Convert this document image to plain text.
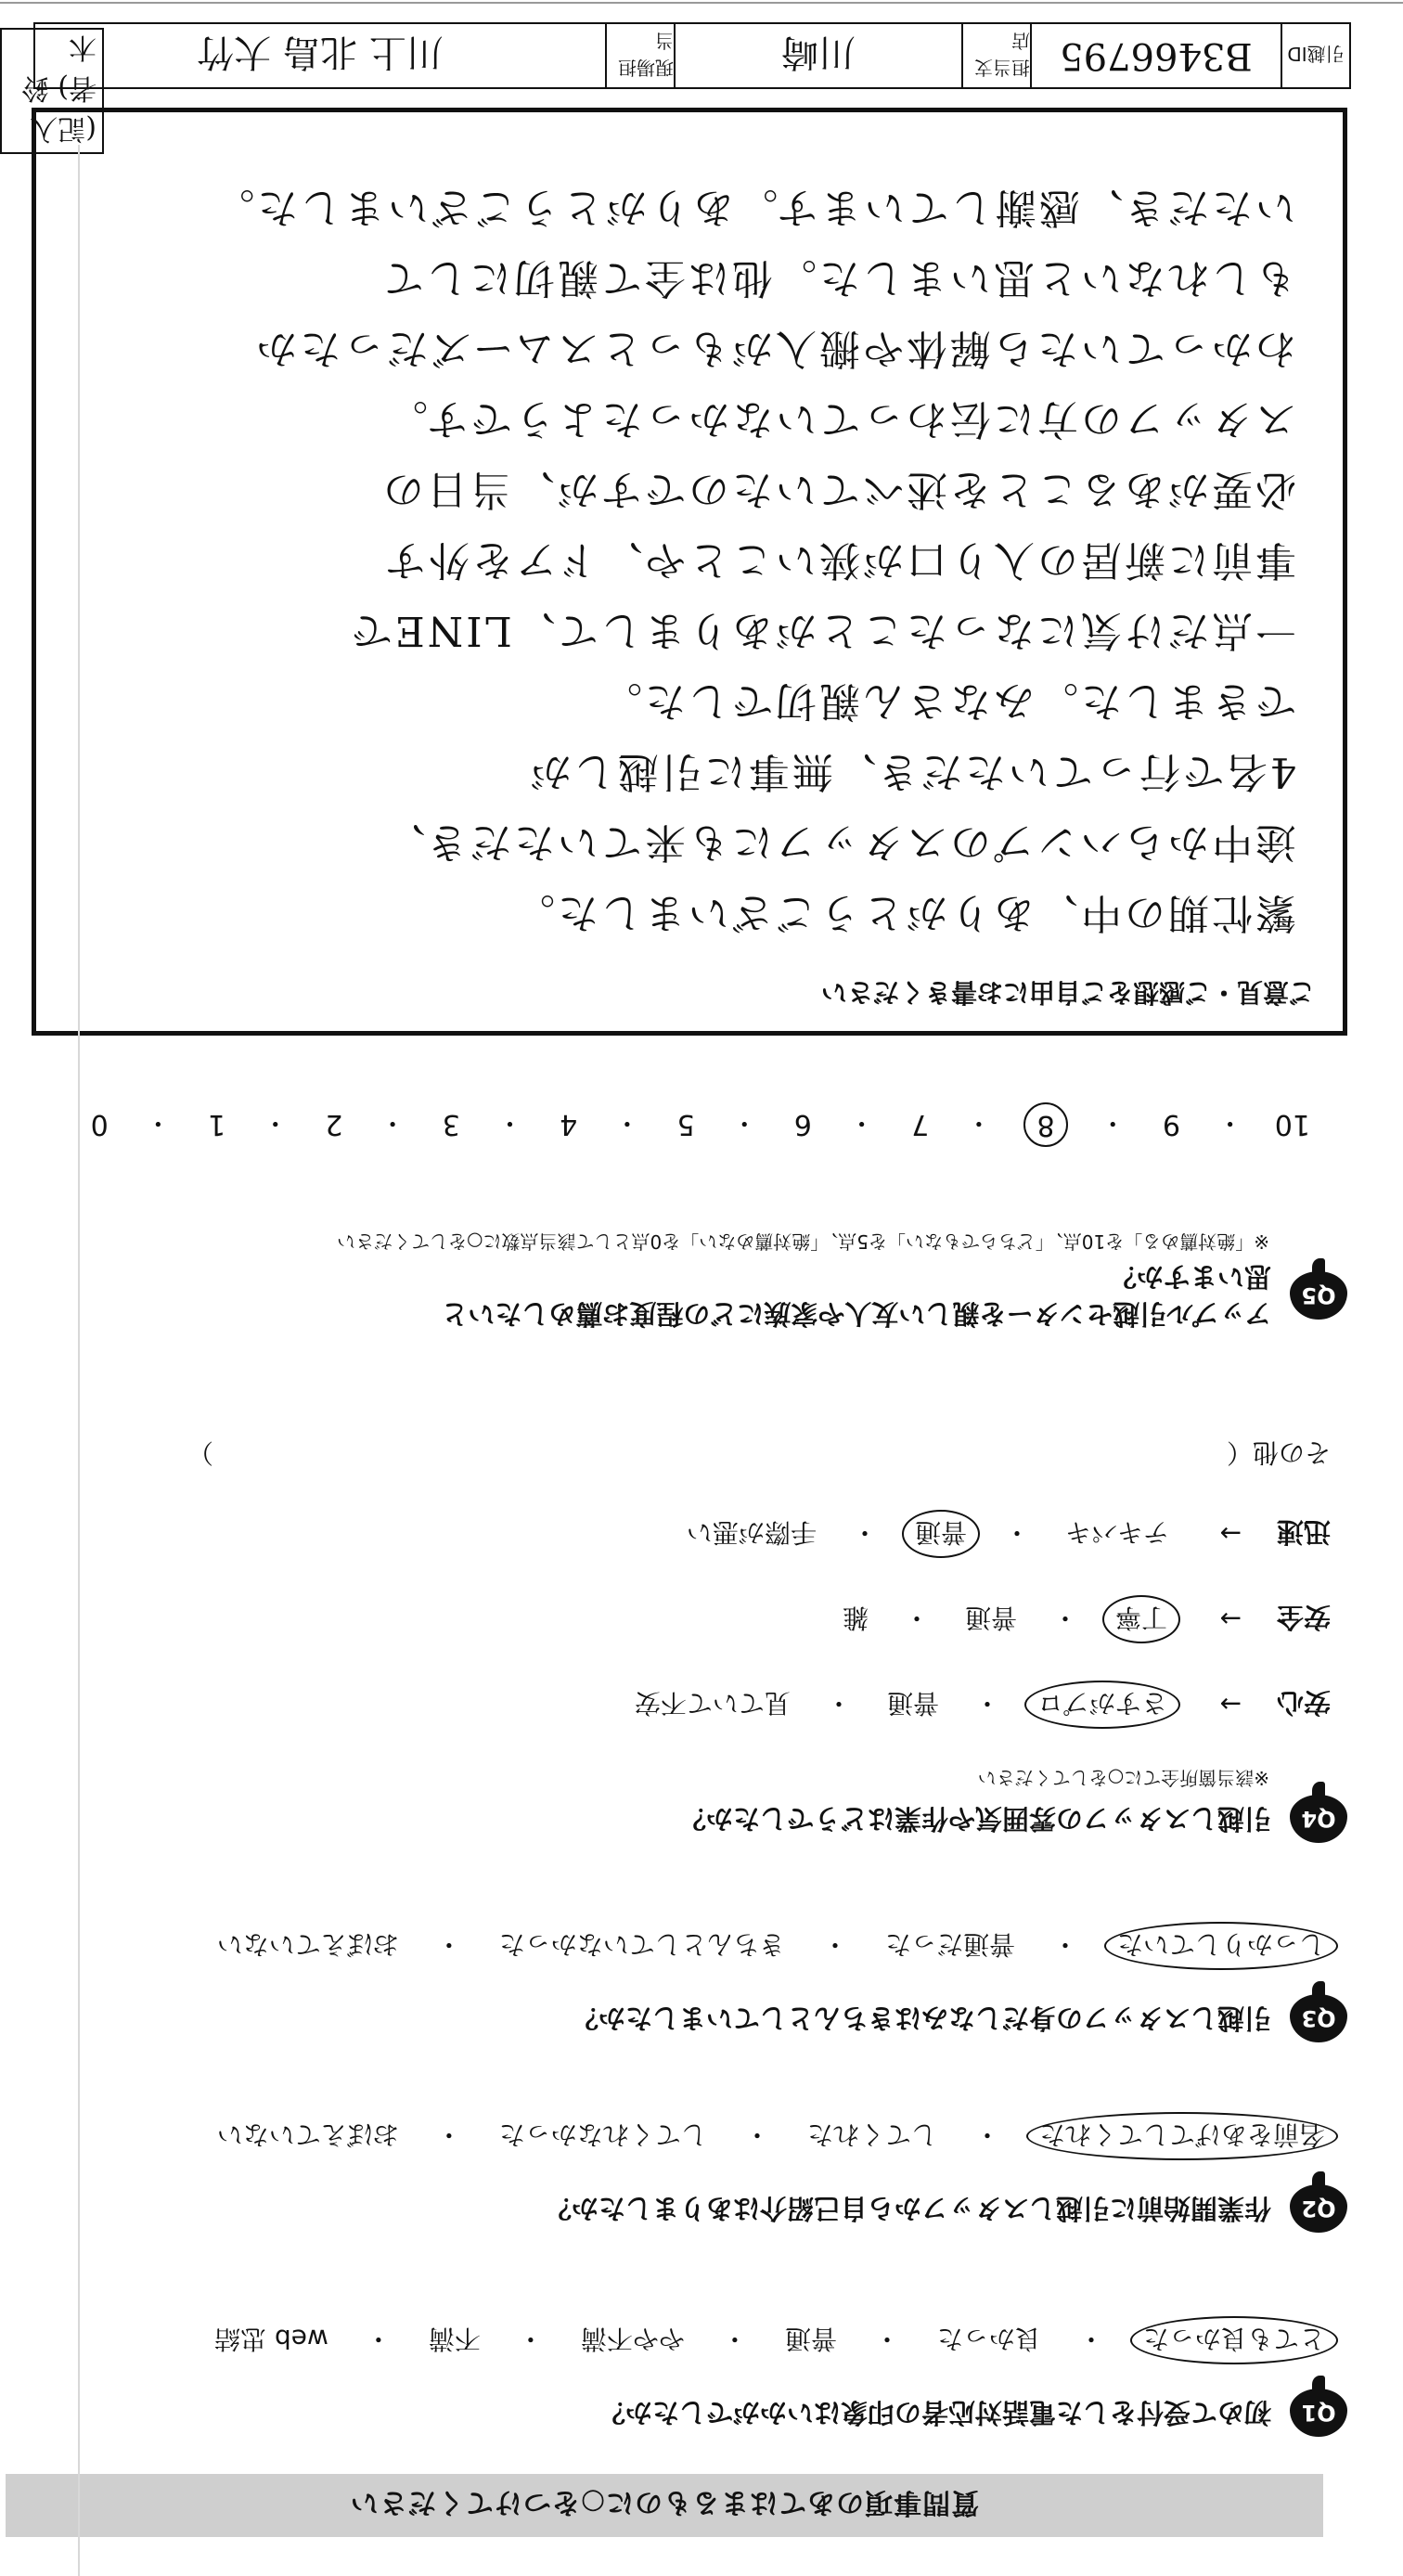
質問事項のあてはまるものに○をつけてください
Q1
初めて受付をした電話対応者の印象はいかがでしたか？
とても良かった
・
良かった
・
普通
・
やや不満
・
不満
・
web 忠結
Q2
作業開始前に引越しスタッフから自己紹介はありましたか？
名前をあげてしてくれた
・
してくれた
・
してくれなかった
・
おぼえていない
Q3
引越しスタッフの身だしなみはきちんとしていましたか？
しっかりしていた
・
普通だった
・
きちんとしていなかった
・
おぼえていない
Q4
引越しスタッフの雰囲気や作業はどうでしたか？
※該当箇所全てに○をしてください
安心
→
さすがプロ
・
普通
・
見ていて不安
安全
→
丁寧
・
普通
・
雑
迅速
→
テキパキ
・
普通
・
手際が悪い
その他（
）
Q5
アップル引越センターを親しい友人や家族にどの程度お薦めしたいと思いますか？
※「絶対薦める」を10点、「どちらでもない」を5点、「絶対薦めない」を0点として該当点数に○をしてください
10
・
9
・
8
・
7
・
6
・
5
・
4
・
3
・
2
・
1
・
0
ご意見・ご感想をご自由にお書きください

繁忙期の中、ありがとうございました。

途中からハンプのスタッフにも来ていただき、

4名で行っていただき、無事に引越しが

できました。みなさん親切でした。

一点だけ気になったことがありまして、LINEで

事前に新居の入り口が狭いことや、ドアを外す

必要があることを述べていたのですが、当日の

スタッフの方に伝わっていなかったようです。

わかっていたら解体や搬入がもっとスムーズだったか

もしれないと思いました。他は全て親切にして

いただき、感謝しています。ありがとうございました。

(記入者) 鈴木	引越ID
B3466795
担当支店
川崎
現場担当
川上 北島 大竹
